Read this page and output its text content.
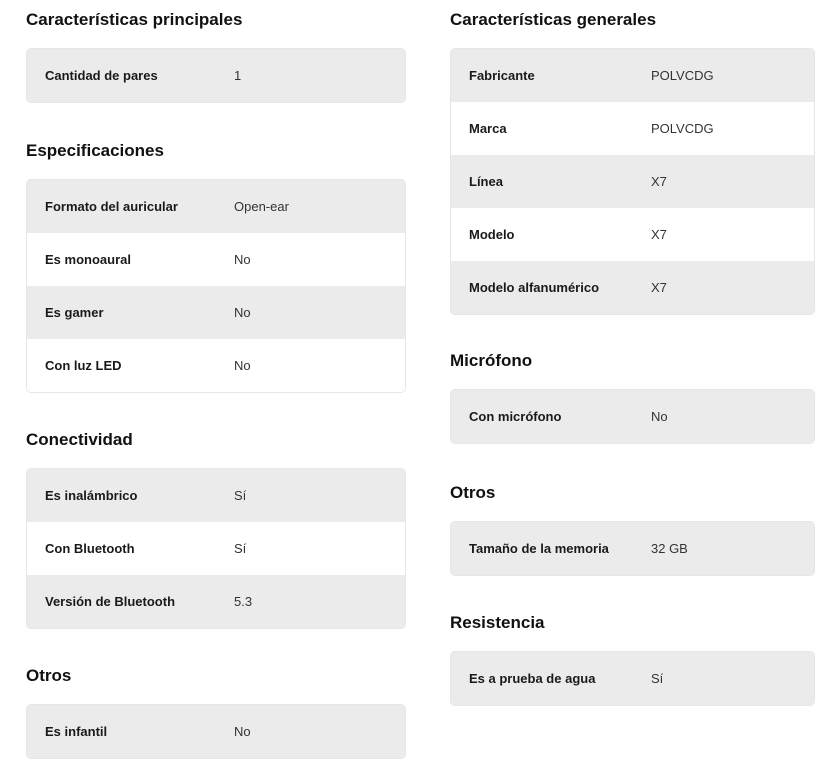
Características principales
Cantidad de pares	1
Especificaciones
Formato del auricular	Open-ear
Es monoaural	No
Es gamer	No
Con luz LED	No
Conectividad
Es inalámbrico	Sí
Con Bluetooth	Sí
Versión de Bluetooth	5.3
Otros
Es infantil	No
Características generales
Fabricante	POLVCDG
Marca	POLVCDG
Línea	X7
Modelo	X7
Modelo alfanumérico	X7
Micrófono
Con micrófono	No
Otros
Tamaño de la memoria	32 GB
Resistencia
Es a prueba de agua	Sí
